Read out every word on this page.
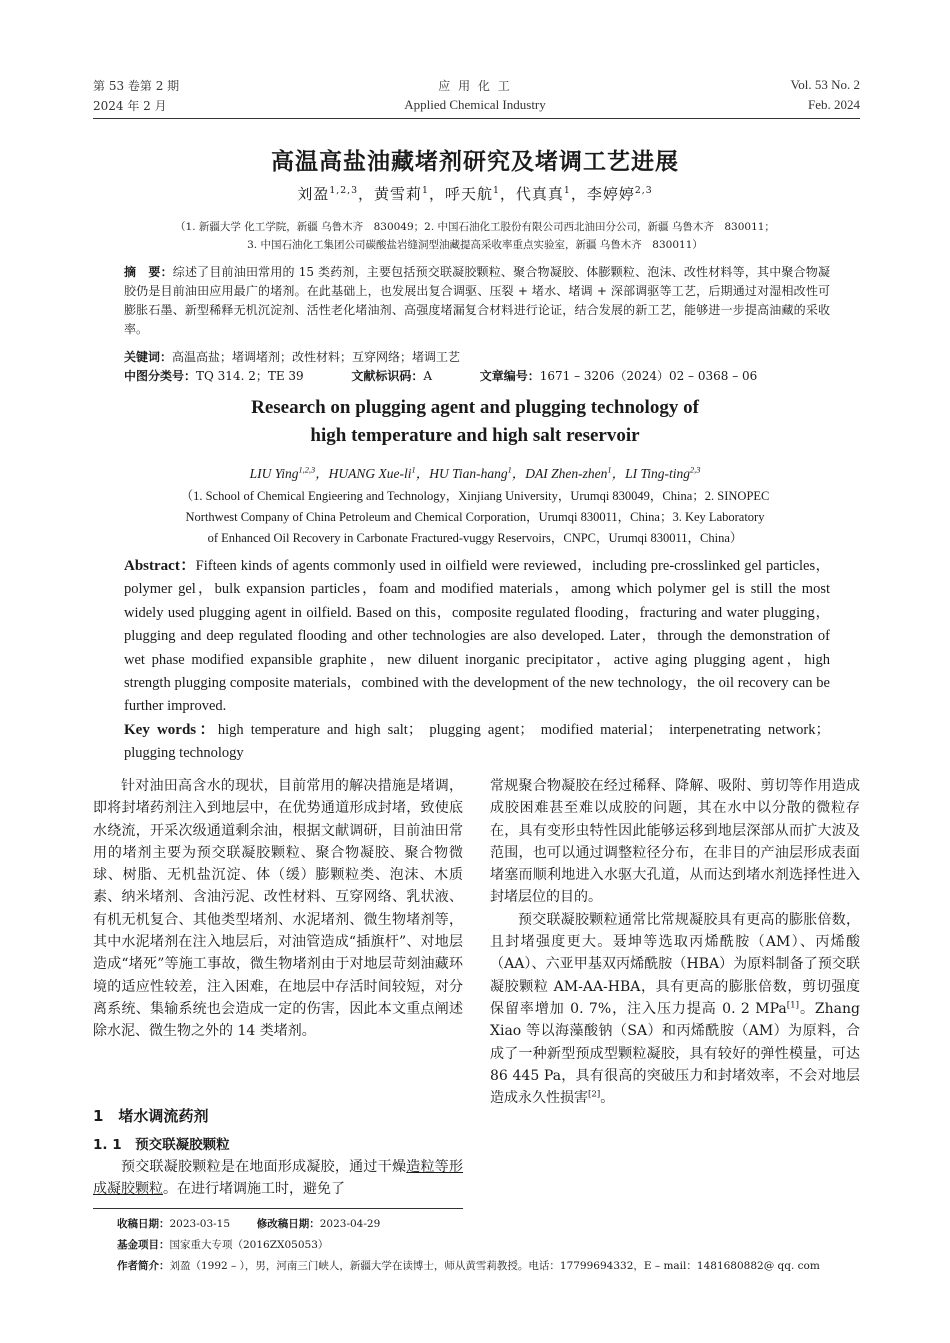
第 53 卷第 2 期
2024 年 2 月
应 用 化 工
Applied Chemical Industry
Vol. 53 No. 2
Feb. 2024
高温高盐油藏堵剂研究及堵调工艺进展
刘盈$^{1,2,3}$，黄雪莉$^1$，呼天航$^1$，代真真$^1$，李婷婷$^{2,3}$
（1. 新疆大学 化工学院，新疆 乌鲁木齐　830049；2. 中国石油化工股份有限公司西北油田分公司，新疆 乌鲁木齐　830011；
3. 中国石油化工集团公司碳酸盐岩缝洞型油藏提高采收率重点实验室，新疆 乌鲁木齐　830011）
摘　要：综述了目前油田常用的 15 类药剂，主要包括预交联凝胶颗粒、聚合物凝胶、体膨颗粒、泡沫、改性材料等，其中聚合物凝胶仍是目前油田应用最广的堵剂。在此基础上，也发展出复合调驱、压裂 + 堵水、堵调 + 深部调驱等工艺，后期通过对湿相改性可膨胀石墨、新型稀释无机沉淀剂、活性老化堵油剂、高强度堵漏复合材料进行论证，结合发展的新工艺，能够进一步提高油藏的采收率。
关键词：高温高盐；堵调堵剂；改性材料；互穿网络；堵调工艺
中图分类号：TQ 314. 2；TE 39	文献标识码：A	文章编号：1671 – 3206（2024）02 – 0368 – 06
Research on plugging agent and plugging technology of
high temperature and high salt reservoir
LIU Ying$^{1,2,3}$，HUANG Xue-$li^1$，HU Tian-hang$^1$，DAI Zhen-zhen$^1$，LI Ting-ting$^{2,3}$
（1. School of Chemical Engieering and Technology，Xinjiang University，Urumqi 830049，China；2. SINOPEC
Northwest Company of China Petroleum and Chemical Corporation，Urumqi 830011，China；3. Key Laboratory
of Enhanced Oil Recovery in Carbonate Fractured-vuggy Reservoirs，CNPC，Urumqi 830011，China）
Abstract：Fifteen kinds of agents commonly used in oilfield were reviewed，including pre-crosslinked gel particles，polymer gel，bulk expansion particles，foam and modified materials，among which polymer gel is still the most widely used plugging agent in oilfield. Based on this，composite regulated flooding，fracturing and water plugging，plugging and deep regulated flooding and other technologies are also developed. Later，through the demonstration of wet phase modified expansible graphite，new diluent inorganic precipitator，active aging plugging agent，high strength plugging composite materials，combined with the development of the new technology，the oil recovery can be further improved.
Key words：high temperature and high salt； plugging agent； modified material； interpenetrating network； plugging technology

针对油田高含水的现状，目前常用的解决措施是堵调，即将封堵药剂注入到地层中，在优势通道形成封堵，致使底水绕流，开采次级通道剩余油，根据文献调研，目前油田常用的堵剂主要为预交联凝胶颗粒、聚合物凝胶、聚合物微球、树脂、无机盐沉淀、体（缓）膨颗粒类、泡沫、木质素、纳米堵剂、含油污泥、改性材料、互穿网络、乳状液、有机无机复合、其他类型堵剂、水泥堵剂、微生物堵剂等，其中水泥堵剂在注入地层后，对油管造成“插旗杆”、对地层造成“堵死”等施工事故，微生物堵剂由于对地层苛刻油藏环境的适应性较差，注入困难，在地层中存活时间较短，对分离系统、集输系统也会造成一定的伤害，因此本文重点阐述除水泥、微生物之外的 14 类堵剂。

1　堵水调流药剂
1. 1　预交联凝胶颗粒

预交联凝胶颗粒是在地面形成凝胶，通过干燥造粒等形成凝胶颗粒。在进行堵调施工时，避免了

常规聚合物凝胶在经过稀释、降解、吸附、剪切等作用造成成胶困难甚至难以成胶的问题，其在水中以分散的微粒存在，具有变形虫特性因此能够运移到地层深部从而扩大波及范围，也可以通过调整粒径分布，在非目的产油层形成表面堵塞而顺利地进入水驱大孔道，从而达到堵水剂选择性进入封堵层位的目的。

预交联凝胶颗粒通常比常规凝胶具有更高的膨胀倍数，且封堵强度更大。聂坤等选取丙烯酰胺（AM）、丙烯酸（AA）、六亚甲基双丙烯酰胺（HBA）为原料制备了预交联凝胶颗粒 AM-AA-HBA，具有更高的膨胀倍数，剪切强度保留率增加 0. 7%，注入压力提高 0. 2 MPa[1]。Zhang Xiao 等以海藻酸钠（SA）和丙烯酰胺（AM）为原料，合成了一种新型预成型颗粒凝胶，具有较好的弹性模量，可达 86 445 Pa，具有很高的突破压力和封堵效率，不会对地层造成永久性损害[2]。

收稿日期：2023-03-15	修改稿日期：2023-04-29
基金项目：国家重大专项（2016ZX05053）
作者简介：刘盈（1992 – ），男，河南三门峡人，新疆大学在读博士，师从黄雪莉教授。电话：17799694332，E – mail：1481680882@ qq. com
